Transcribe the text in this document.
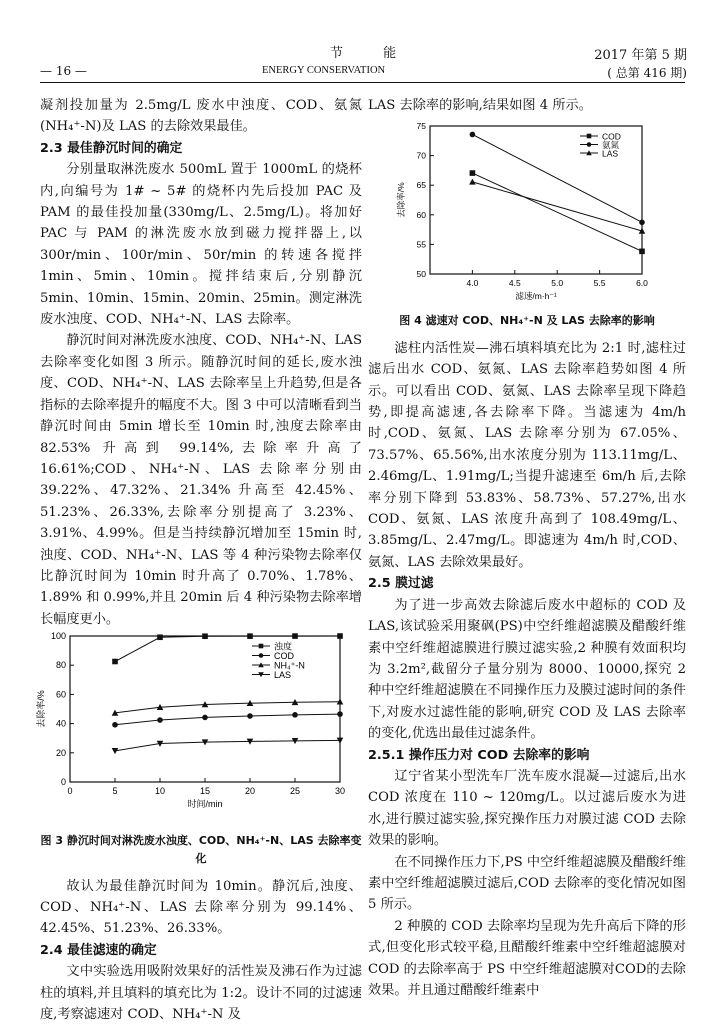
节 能
ENERGY CONSERVATION
— 16 —
2017 年第 5 期
( 总第 416 期)

凝剂投加量为 2.5mg/L 废水中浊度、COD、氨氮(NH₄⁺-N)及 LAS 的去除效果最佳。

2.3 最佳静沉时间的确定

分别量取淋洗废水 500mL 置于 1000mL 的烧杯内,向编号为 1# ~ 5# 的烧杯内先后投加 PAC 及 PAM 的最佳投加量(330mg/L、2.5mg/L)。将加好 PAC 与 PAM 的淋洗废水放到磁力搅拌器上,以 300r/min、100r/min、50r/min 的转速各搅拌 1min、5min、10min。搅拌结束后,分别静沉 5min、10min、15min、20min、25min。测定淋洗废水浊度、COD、NH₄⁺-N、LAS 去除率。

静沉时间对淋洗废水浊度、COD、NH₄⁺-N、LAS 去除率变化如图 3 所示。随静沉时间的延长,废水浊度、COD、NH₄⁺-N、LAS 去除率呈上升趋势,但是各指标的去除率提升的幅度不大。图 3 中可以清晰看到当静沉时间由 5min 增长至 10min 时,浊度去除率由 82.53% 升高到 99.14%,去除率升高了 16.61%;COD、NH₄⁺-N、LAS 去除率分别由 39.22%、47.32%、21.34% 升高至 42.45%、51.23%、26.33%,去除率分别提高了 3.23%、3.91%、4.99%。但是当持续静沉增加至 15min 时,浊度、COD、NH₄⁺-N、LAS 等 4 种污染物去除率仅比静沉时间为 10min 时升高了 0.70%、1.78%、1.89% 和 0.99%,并且 20min 后 4 种污染物去除率增长幅度更小。

0
20
40
60
80
100
0	5	10	15	20	25	30
时间/min
去除率/%
浊度
COD
NH₄⁺-N
LAS

图 3 静沉时间对淋洗废水浊度、COD、NH₄⁺-N、LAS 去除率变化

故认为最佳静沉时间为 10min。静沉后,浊度、COD、NH₄⁺-N、LAS 去除率分别为 99.14%、42.45%、51.23%、26.33%。

2.4 最佳滤速的确定

文中实验选用吸附效果好的活性炭及沸石作为过滤柱的填料,并且填料的填充比为 1:2。设计不同的过滤速度,考察滤速对 COD、NH₄⁺-N 及

LAS 去除率的影响,结果如图 4 所示。

50
55
60
65
70
75
4.0	4.5	5.0	5.5	6.0
滤速/m·h⁻¹
去除率/%
COD
氨氮
LAS

图 4 滤速对 COD、NH₄⁺-N 及 LAS 去除率的影响

滤柱内活性炭—沸石填料填充比为 2:1 时,滤柱过滤后出水 COD、氨氮、LAS 去除率趋势如图 4 所示。可以看出 COD、氨氮、LAS 去除率呈现下降趋势,即提高滤速,各去除率下降。当滤速为 4m/h 时,COD、氨氮、LAS 去除率分别为 67.05%、73.57%、65.56%,出水浓度分别为 113.11mg/L、2.46mg/L、1.91mg/L;当提升滤速至 6m/h 后,去除率分别下降到 53.83%、58.73%、57.27%,出水 COD、氨氮、LAS 浓度升高到了 108.49mg/L、3.85mg/L、2.47mg/L。即滤速为 4m/h 时,COD、氨氮、LAS 去除效果最好。

2.5 膜过滤

为了进一步高效去除滤后废水中超标的 COD 及 LAS,该试验采用聚砜(PS)中空纤维超滤膜及醋酸纤维素中空纤维超滤膜进行膜过滤实验,2 种膜有效面积均为 3.2m²,截留分子量分别为 8000、10000,探究 2 种中空纤维超滤膜在不同操作压力及膜过滤时间的条件下,对废水过滤性能的影响,研究 COD 及 LAS 去除率的变化,优选出最佳过滤条件。

2.5.1 操作压力对 COD 去除率的影响

辽宁省某小型洗车厂洗车废水混凝—过滤后,出水 COD 浓度在 110 ~ 120mg/L。以过滤后废水为进水,进行膜过滤实验,探究操作压力对膜过滤 COD 去除效果的影响。

在不同操作压力下,PS 中空纤维超滤膜及醋酸纤维素中空纤维超滤膜过滤后,COD 去除率的变化情况如图 5 所示。

2 种膜的 COD 去除率均呈现为先升高后下降的形式,但变化形式较平稳,且醋酸纤维素中空纤维超滤膜对 COD 的去除率高于 PS 中空纤维超滤膜对COD的去除效果。并且通过醋酸纤维素中
